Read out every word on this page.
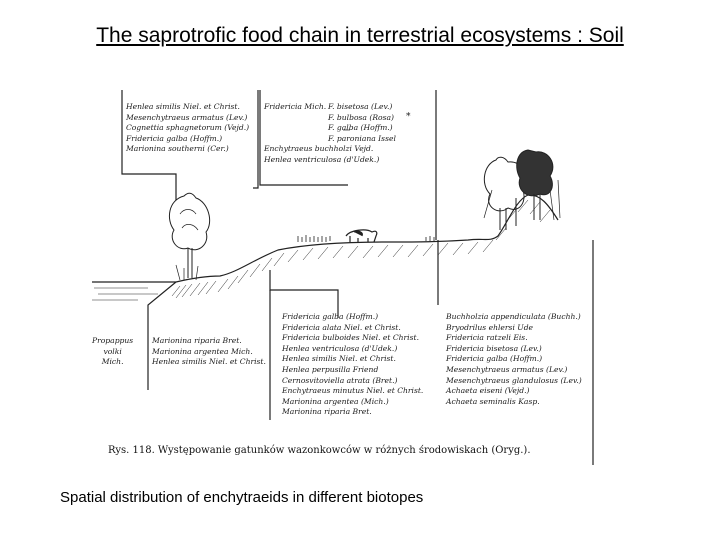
The saprotrofic food chain in terrestrial ecosystems : Soil
Henlea similis Niel. et Christ.
Mesenchytraeus armatus (Lev.)
Cognettia sphagnetorum (Vejd.)
Fridericia galba (Hoffm.)
Marionina southerni (Cer.)
Fridericia Mich.

Enchytraeus buchholzi Vejd.
Henlea ventriculosa (d'Udek.)
F. bisetosa (Lev.)
F. bulbosa (Rosa)
F. galba (Hoffm.)
F. paroniana Issel
*
Propappus
volki
Mich.
Marionina riparia Bret.
Marionina argentea Mich.
Henlea similis Niel. et Christ.
Fridericia galba (Hoffm.)
Fridericia alata Niel. et Christ.
Fridericia bulboides Niel. et Christ.
Henlea ventriculosa (d'Udek.)
Henlea similis Niel. et Christ.
Henlea perpusilla Friend
Cernosvitoviella atrata (Bret.)
Enchytraeus minutus Niel. et Christ.
Marionina argentea (Mich.)
Marionina riparia Bret.
Buchholzia appendiculata (Buchh.)
Bryodrilus ehlersi Ude
Fridericia ratzeli Eis.
Fridericia bisetosa (Lev.)
Fridericia galba (Hoffm.)
Mesenchytraeus armatus (Lev.)
Mesenchytraeus glandulosus (Lev.)
Achaeta eiseni (Vejd.)
Achaeta seminalis Kasp.
Rys. 118. Występowanie gatunków wazonkowców w różnych środowiskach (Oryg.).
Spatial distribution of enchytraeids in different biotopes
